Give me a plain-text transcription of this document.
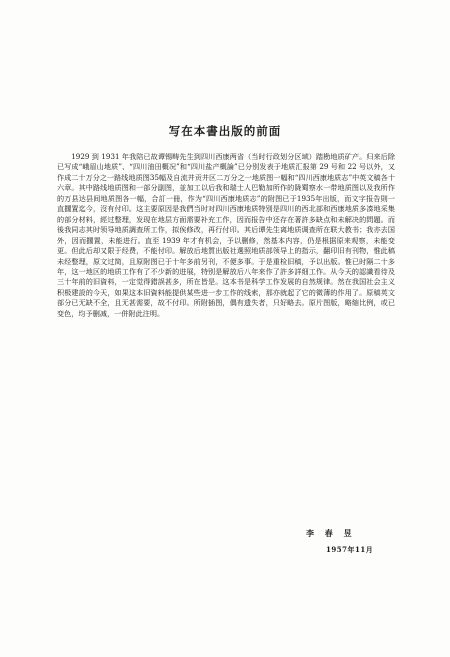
写在本書出版的前面

1929 到 1931 年我陪已故谭锡畴先生到四川西康两省（当时行政划分区域）踏勘地质矿产。归来后除已写成“峨眉山地质”、“四川油田概况”和“四川盐产概論”已分别发表于地质汇报第 29 号和 22 号以外，又作成二十万分之一路线地质图35幅及自流井贡井区二万分之一地质图一幅和“四川西康地质志”中英文稿各十六章。其中路线地质图和一部分副图，並加工以后我和瑞士人巴勒加所作的陇蜀察水一带地质图以及我所作的万县达县间地质图各一幅，合訂一冊，作为“四川西康地质志”的附图已于1935年出版，而文字报告則一直擱置迄今，沒有付印。这主要原因是我們当时对四川西康地质特別是四川的西北部和西康地质多凑地采集的部分材料，經过整理，发现在地层方面需要补充工作，因而报告中还存在著許多缺点和未解决的問題。而後我同志其时领导地质調查所工作，拟俟修改，再行付印。其后谭先生离地质调查所在联大教书；我亦去国外，因而擱置，未能进行。直至 1939 年才有机会，予以删修，然基本内容，仍是根据原来观察，未能变更。但此后却又限于经费，不能付印。解放后地質出版社選照地质部领导上的指示，翻印旧有刊物，惟此稿未经整理，原文过简，且原附图已于十年多前另刊，不便多事。于是重检旧稿，予以出版。惟已时隔二十多年，这一地区的地质工作有了不少新的进展，特别是解放后八年来作了許多詳细工作。从今天的認識看待及三十年前的旧資料，一定觉得錯誤甚多，所在皆是。这本书是科学工作发展的自然规律。然在我国社会主义积极建設的今天，如果这本旧資料能提供某些进一步工作的线索，那亦就起了它的微薄的作用了。原稿英文部分已无缺不全，且无甚需要，故不付印。所附插图，偶有遗失者，只好略去。原片图版，略缩比例，或已变色，均予删减，一併附此注明。

李 春 昱
1957年11月
